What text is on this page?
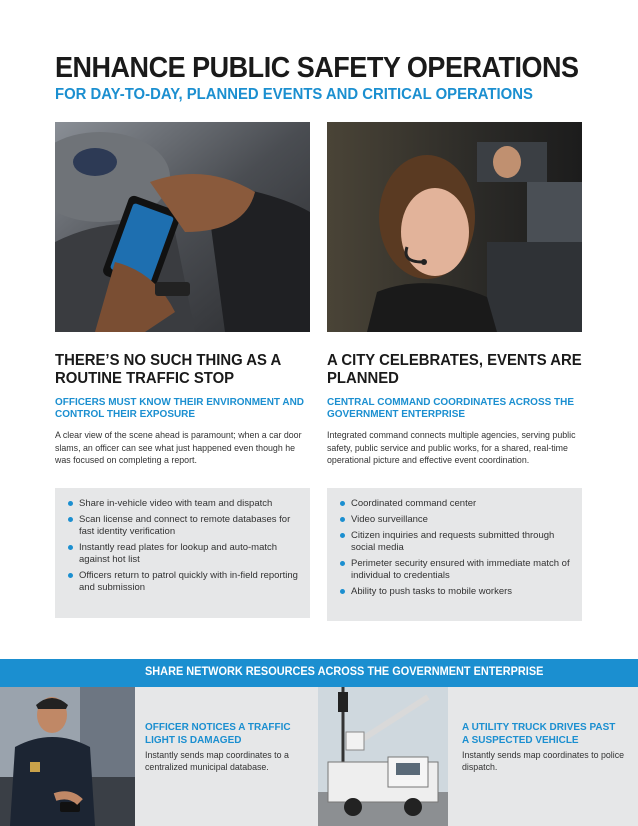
ENHANCE PUBLIC SAFETY OPERATIONS
FOR DAY-TO-DAY, PLANNED EVENTS AND CRITICAL OPERATIONS
THERE’S NO SUCH THING AS A ROUTINE TRAFFIC STOP
OFFICERS MUST KNOW THEIR ENVIRONMENT AND CONTROL THEIR EXPOSURE

A clear view of the scene ahead is paramount; when a car door slams, an officer can see what just happened even though he was focused on completing a report.

A CITY CELEBRATES, EVENTS ARE PLANNED
CENTRAL COMMAND COORDINATES ACROSS THE GOVERNMENT ENTERPRISE

Integrated command connects multiple agencies, serving public safety, public service and public works, for a shared, real-time operational picture and effective event coordination.

Share in-vehicle video with team and dispatch
Scan license and connect to remote databases for fast identity verification
Instantly read plates for lookup and auto-match against hot list
Officers return to patrol quickly with in-field reporting and submission
Coordinated command center
Video surveillance
Citizen inquiries and requests submitted through social media
Perimeter security ensured with immediate match of individual to credentials
Ability to push tasks to mobile workers
SHARE NETWORK RESOURCES ACROSS THE GOVERNMENT ENTERPRISE
OFFICER NOTICES A TRAFFIC LIGHT IS DAMAGED

Instantly sends map coordinates to a centralized municipal database.

A UTILITY TRUCK DRIVES PAST A SUSPECTED VEHICLE

Instantly sends map coordinates to police dispatch.
